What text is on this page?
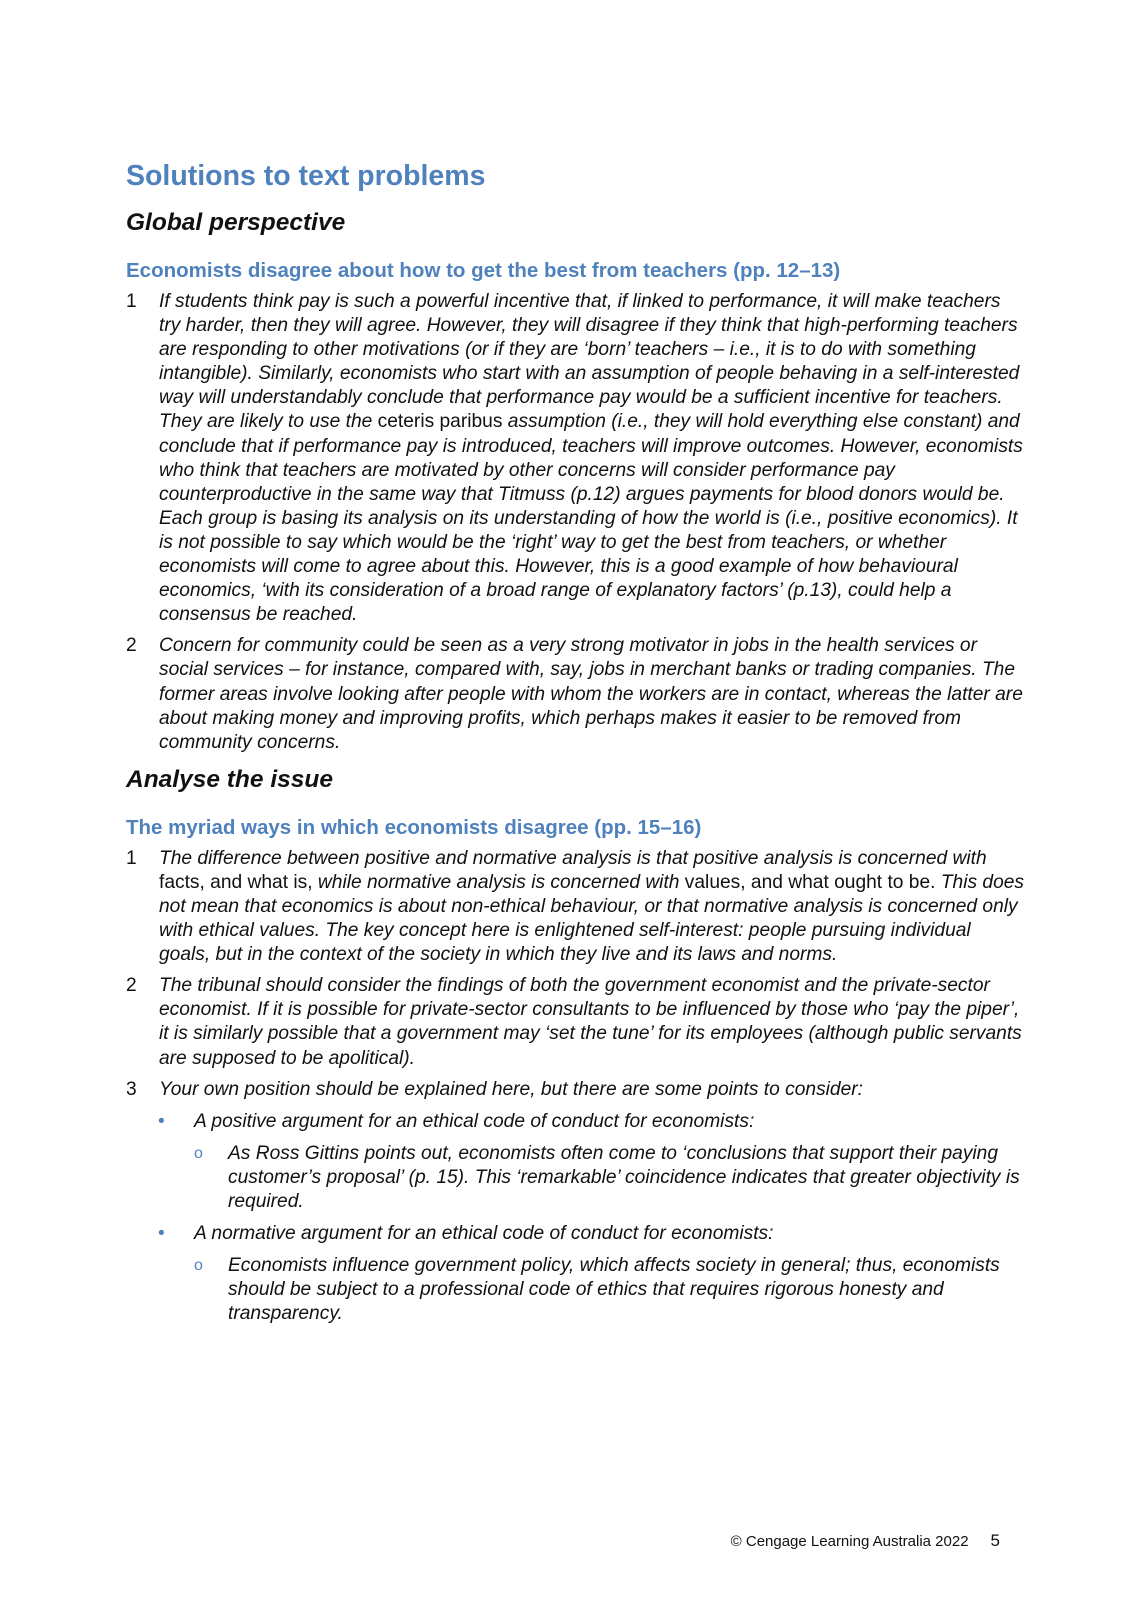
Solutions to text problems
Global perspective
Economists disagree about how to get the best from teachers (pp. 12–13)
1 If students think pay is such a powerful incentive that, if linked to performance, it will make teachers try harder, then they will agree. However, they will disagree if they think that high-performing teachers are responding to other motivations (or if they are ‘born’ teachers – i.e., it is to do with something intangible). Similarly, economists who start with an assumption of people behaving in a self-interested way will understandably conclude that performance pay would be a sufficient incentive for teachers. They are likely to use the ceteris paribus assumption (i.e., they will hold everything else constant) and conclude that if performance pay is introduced, teachers will improve outcomes. However, economists who think that teachers are motivated by other concerns will consider performance pay counterproductive in the same way that Titmuss (p.12) argues payments for blood donors would be. Each group is basing its analysis on its understanding of how the world is (i.e., positive economics). It is not possible to say which would be the ‘right’ way to get the best from teachers, or whether economists will come to agree about this. However, this is a good example of how behavioural economics, ‘with its consideration of a broad range of explanatory factors’ (p.13), could help a consensus be reached.
2 Concern for community could be seen as a very strong motivator in jobs in the health services or social services – for instance, compared with, say, jobs in merchant banks or trading companies. The former areas involve looking after people with whom the workers are in contact, whereas the latter are about making money and improving profits, which perhaps makes it easier to be removed from community concerns.
Analyse the issue
The myriad ways in which economists disagree (pp. 15–16)
1 The difference between positive and normative analysis is that positive analysis is concerned with facts, and what is, while normative analysis is concerned with values, and what ought to be. This does not mean that economics is about non-ethical behaviour, or that normative analysis is concerned only with ethical values. The key concept here is enlightened self-interest: people pursuing individual goals, but in the context of the society in which they live and its laws and norms.
2 The tribunal should consider the findings of both the government economist and the private-sector economist. If it is possible for private-sector consultants to be influenced by those who ‘pay the piper’, it is similarly possible that a government may ‘set the tune’ for its employees (although public servants are supposed to be apolitical).
3 Your own position should be explained here, but there are some points to consider:
• A positive argument for an ethical code of conduct for economists:
o As Ross Gittins points out, economists often come to ‘conclusions that support their paying customer’s proposal’ (p. 15). This ‘remarkable’ coincidence indicates that greater objectivity is required.
• A normative argument for an ethical code of conduct for economists:
o Economists influence government policy, which affects society in general; thus, economists should be subject to a professional code of ethics that requires rigorous honesty and transparency.
© Cengage Learning Australia 2022 5
